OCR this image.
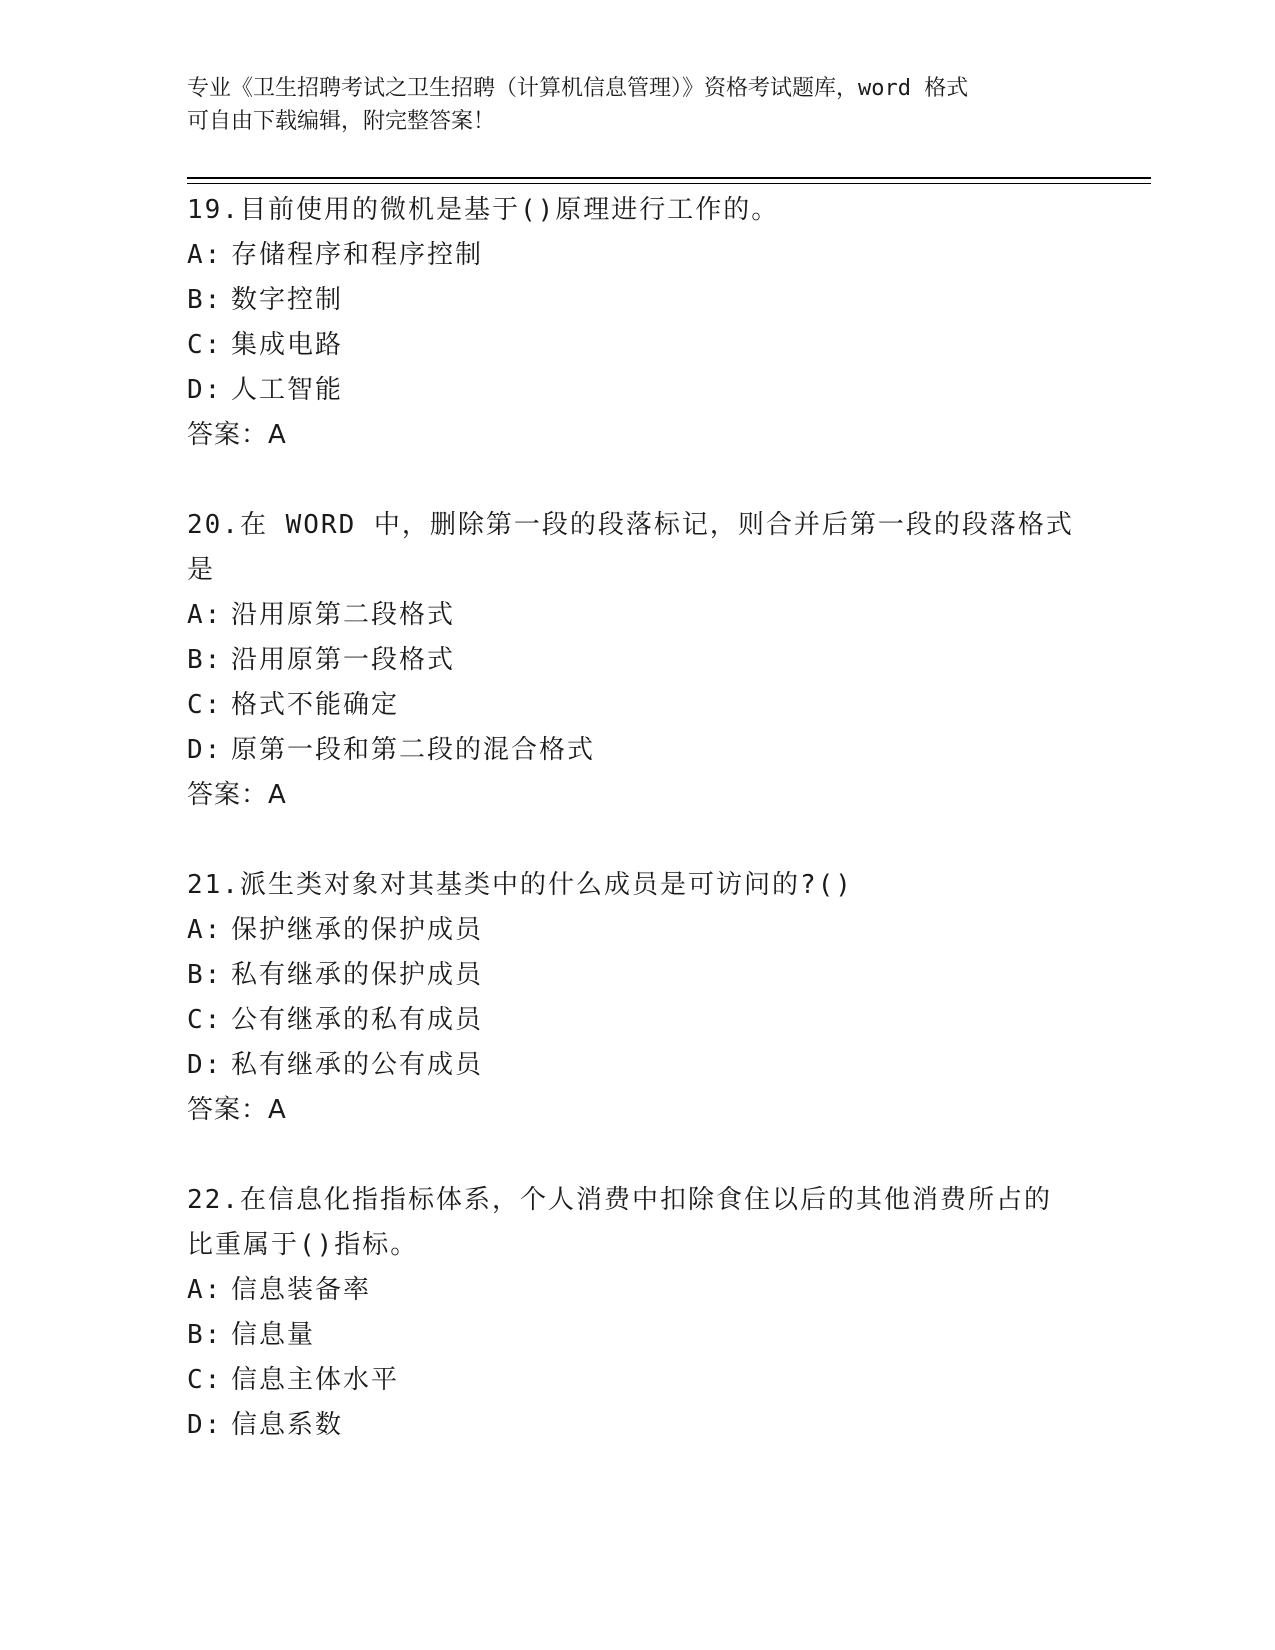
专业《卫生招聘考试之卫生招聘（计算机信息管理）》资格考试题库，word 格式
可自由下载编辑，附完整答案！
19.目前使用的微机是基于()原理进行工作的。
A: 存储程序和程序控制
B: 数字控制
C: 集成电路
D: 人工智能
答案：A
20.在 WORD 中，删除第一段的段落标记，则合并后第一段的段落格式
是
A: 沿用原第二段格式
B: 沿用原第一段格式
C: 格式不能确定
D: 原第一段和第二段的混合格式
答案：A
21.派生类对象对其基类中的什么成员是可访问的?()
A: 保护继承的保护成员
B: 私有继承的保护成员
C: 公有继承的私有成员
D: 私有继承的公有成员
答案：A
22.在信息化指指标体系，个人消费中扣除食住以后的其他消费所占的
比重属于()指标。
A: 信息装备率
B: 信息量
C: 信息主体水平
D: 信息系数
